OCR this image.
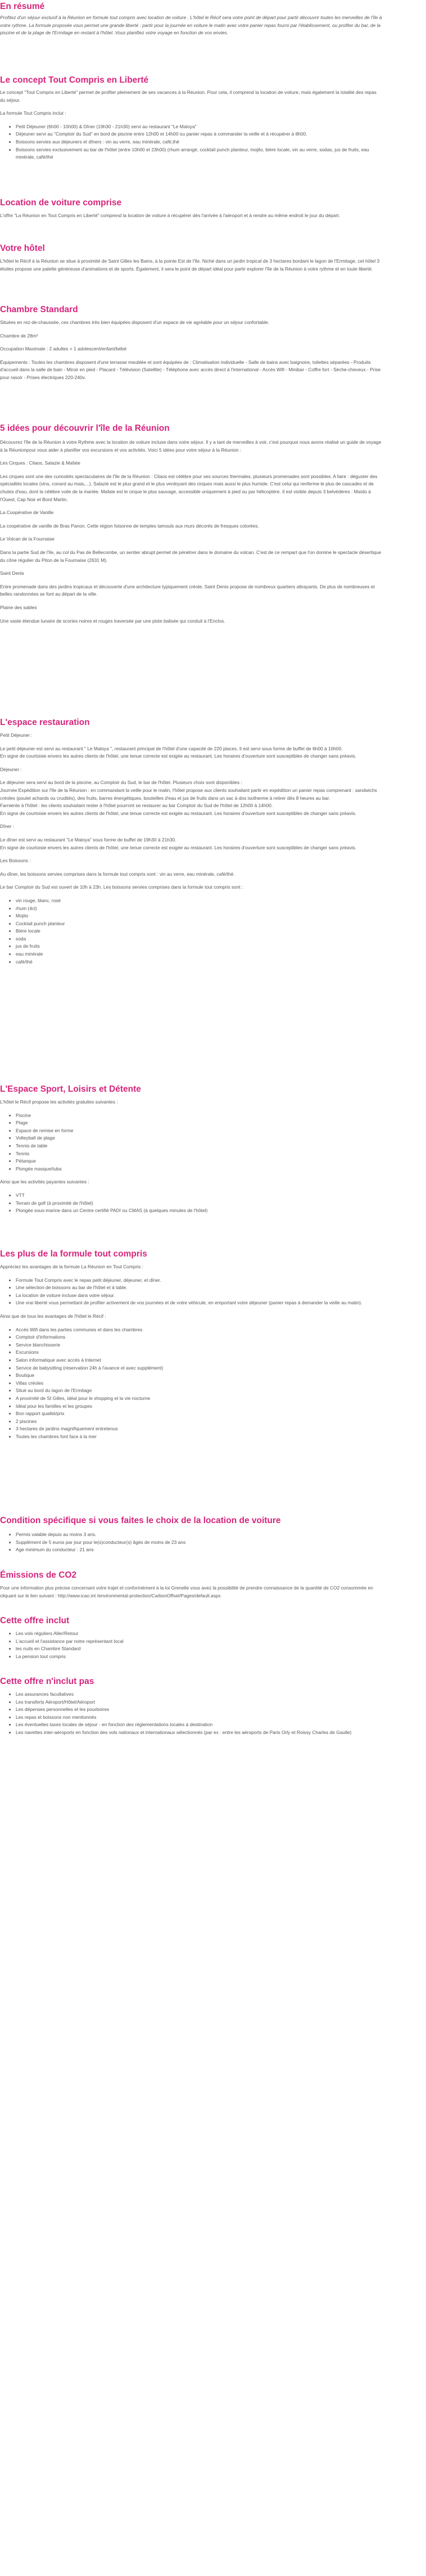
En résumé
Profitez d'un séjour exclusif à la Réunion en formule tout compris avec location de voiture . L'hôtel le Récif sera votre point de départ pour partir découvrir toutes les merveilles de l'île à votre rythme. La formule proposée vous permet une grande liberté : partir pour la journée en voiture le matin avec votre panier repas fourni par l'établissement, ou profiter du bar, de la piscine et de la plage de l'Ermitage en restant à l'hôtel. Vous planifiez votre voyage en fonction de vos envies.
Le concept Tout Compris en Liberté

Le concept "Tout Compris en Liberté" permet de profiter pleinement de ses vacances à la Réunion. Pour cela, il comprend la location de voiture, mais également la totalité des repas du séjour.

La formule Tout Compris inclut :

• Petit Déjeuner (6h00 - 10h00) & Dîner (19h30 - 21h30) servi au restaurant "Le Maloya"
• Déjeuner servi au "Comptoir du Sud" en bord de piscine entre 12h00 et 14h00 ou panier repas à commander la veille et à récupérer à 8h00.
• Boissons servies aux déjeuners et dîners : vin au verre, eau minérale, café,thé
• Boissons servies exclusivement au bar de l'hôtel (entre 10h00 et 23h00) (rhum arrangé, cocktail punch planteur, mojito, bière locale, vin au verre, sodas, jus de fruits, eau minérale, café/thé
Location de voiture comprise
L'offre "La Réunion en Tout Compris en Liberté" comprend la location de voiture à récupérer dès l'arrivée à l'aéroport et à rendre au même endroit le jour du départ.
Votre hôtel
L'hôtel le Récif à la Réunion se situe à proximité de Saint Gilles les Bains, à la pointe Est de l'île. Niché dans un jardin tropical de 3 hectares bordant le lagon de l'Ermitage, cet hôtel 3 étoiles propose une palette généreuse d'animations et de sports. Également, il sera le point de départ idéal pour partir explorer l'île de la Réunion à votre rythme et en toute liberté.
Chambre Standard

Situées en rez-de-chaussée, ces chambres très bien équipées disposent d'un espace de vie agréable pour un séjour confortable.

Chambre de 28m²

Occupation Maximale : 2 adultes + 1 adolescent/enfant/bébé

Équipements : Toutes les chambres disposent d'une terrasse meublée et sont équipées de : Climatisation individuelle - Salle de bains avec baignoire, toilettes séparées - Produits d'accueil dans la salle de bain - Miroir en pied - Placard - Télévision (Satellite) - Téléphone avec accès direct à l'international - Accès Wifi - Minibar - Coffre fort - Sèche-cheveux - Prise pour rasoir - Prises électriques 220-240v.

5 idées pour découvrir l'île de la Réunion

Découvrez l'île de la Réunion à votre Rythme avec la location de voiture incluse dans votre séjour. Il y a tant de merveilles à voir, c'est pourquoi nous avons réalisé un guide de voyage à la Réunionpour vous aider à planifier vos excursions et vos activités. Voici 5 idées pour votre séjour à la Réunion :

Les Cirques : Cilaos, Salazie & Mafate

Les cirques sont une des curiosités spectaculaires de l'île de la Réunion : Cilaos est célèbre pour ses sources thermales, plusieurs promenades sont possibles. A faire : déguster des spécialités locales (vins, conard au mais,...). Salazie est le plus grand et le plus verdoyant des cirques mais aussi le plus humide. C'est celui qui renferme le plus de cascades et de chutes d'eau, dont la célèbre voile de la mariée. Mafate est le cirque le plus sauvage, accessible uniquement à pied ou par hélicoptère. Il est visible depuis 3 belvédères : Maïdo à l'Ouest, Cap Noir et Bord Martin.

La Coopérative de Vanille

La coopérative de vanille de Bras Panon. Cette région foisonne de temples tamouls aux murs décorés de fresques colorées.

Le Volcan de la Fournaise

Dans la partie Sud de l'île, au col du Pas de Bellecombe, un sentier abrupt permet de pénétrer dans le domaine du volcan. C'est de ce rempart que l'on domine le spectacle désertique du cône régulier du Piton de la Fournaise (2631 M).

Saint Denis

Entre promenade dans des jardins tropicaux et découverte d'une architecture typiquement créole, Saint Denis propose de nombreux quartiers attrayants. De plus de nombreuses et belles randonnées se font au départ de la ville.

Plaine des sables

Une vaste étendue lunaire de scories noires et rouges traversée par une piste balisée qui conduit à l'Enclos.

L'espace restauration

Petit Déjeuner :

Le petit déjeuner est servi au restaurant " Le Maloya ", restaurant principal de l'hôtel d'une capacité de 220 places. Il est servi sous forme de buffet de 6h00 à 10h00.

En signe de courtoisie envers les autres clients de l'hôtel, une tenue correcte est exigée au restaurant. Les horaires d'ouverture sont susceptibles de changer sans préavis.

Déjeuner :

Le déjeuner sera servi au bord de la piscine, au Comptoir du Sud, le bar de l'hôtel. Plusieurs choix sont disponibles :

Journée Expédition sur l'île de la Réunion : en commandant la veille pour le matin, l'hôtel propose aux clients souhaitant partir en expédition un panier repas comprenant : sandwichs créoles (poulet achards ou crudités), des fruits, barres énergétiques, bouteilles d'eau et jus de fruits dans un sac à dos isotherme à retirer dès 8 heures au bar.

Farniente à l'hôtel : les clients souhaitant rester à l'hôtel pourront se restaurer au bar Comptoir du Sud de l'hôtel de 12h00 à 14h00.

En signe de courtoisie envers les autres clients de l'hôtel, une tenue correcte est exigée au restaurant. Les horaires d'ouverture sont susceptibles de changer sans préavis.

Dîner :

Le dîner est servi au restaurant "Le Maloya" sous forme de buffet de 19h30 à 21h30.

En signe de courtoisie envers les autres clients de l'hôtel, une tenue correcte est exigée au restaurant. Les horaires d'ouverture sont susceptibles de changer sans préavis.

Les Boissons :

Au dîner, les boissons servies comprises dans la formule tout compris sont : vin au verre, eau minérale, café/thé.

Le bar Comptoir du Sud est ouvert de 10h à 23h. Les boissons servies comprises dans la formule tout compris sont :

• vin rouge, blanc, rosé
• rhum (4cl)
• Mojito
• Cocktail punch planteur
• Bière locale
• soda
• jus de fruits
• eau minérale
• café/thé
L'Espace Sport, Loisirs et Détente

L'hôtel le Récif propose les activités gratuites suivantes :

• Piscine
• Plage
• Espace de remise en forme
• Volleyball de plage
• Tennis de table
• Tennis
• Pétanque
• Plongée masque/tuba

Ainsi que les activités payantes suivantes :

• VTT
• Terrain de golf (à proximité de l'hôtel)
• Plongée sous-marine dans un Centre certifié PADI ou CMAS (à quelques minutes de l'hôtel)
Les plus de la formule tout compris

Appréciez les avantages de la formule La Réunion en Tout Compris :

• Formule Tout Compris avec le repas petit déjeuner, déjeuner, et dîner.
• Une sélection de boissons au bar de l'hôtel et à table.
• La location de voiture incluse dans votre séjour.
• Une vrai liberté vous permettant de profiter activement de vos journées et de votre véhicule, en emportant votre déjeuner (panier repas à demander la veille au matin).

Ainsi que de tous les avantages de l'hôtel le Récif :

• Accès Wifi dans les parties communes et dans les chambres
• Comptoir d'informations
• Service blanchisserie
• Excursions
• Salon informatique avec accès à Internet
• Service de babysitting (réservation 24h à l'avance et avec supplément)
• Boutique
• Villas créoles
• Situé au bord du lagon de l'Ermitage
• A proximité de St Gilles, idéal pour le shopping et la vie nocturne
• Idéal pour les familles et les groupes
• Bon rapport qualité/prix
• 2 piscines
• 3 hectares de jardins magnifiquement entretenus
• Toutes les chambres font face à la mer
Condition spécifique si vous faites le choix de la location de voiture
• Permis valable depuis au moins 3 ans.
• Supplément de 5 euros par jour pour le(s)conducteur(s) âgés de moins de 23 ans
• Age minimum du conducteur : 21 ans
Émissions de CO2

Pour une information plus précise concernant votre trajet et conformément à la loi Grenelle vous avez la possibilité de prendre connaissance de la quantité de CO2 consommée en cliquant sur le lien suivant : http://www.icao.int /environmental-protection/CarbonOffset/Pages/default.aspx

Cette offre inclut
• Les vols réguliers Aller/Retour
• L'accueil et l'assistance par notre représentant local
• les nuits en Chambre Standard
• La pension tout compris
Cette offre n'inclut pas
• Les assurances facultatives
• Les transferts Aéroport/Hôtel/Aéroport
• Les dépenses personnelles et les pourboires
• Les repas et boissons non mentionnés
• Les éventuelles taxes locales de séjour - en fonction des réglementations locales à destination
• Les navettes inter-aéroports en fonction des vols nationaux et internationaux sélectionnés (par ex : entre les aéroports de Paris Orly et Roissy Charles de Gaulle)
